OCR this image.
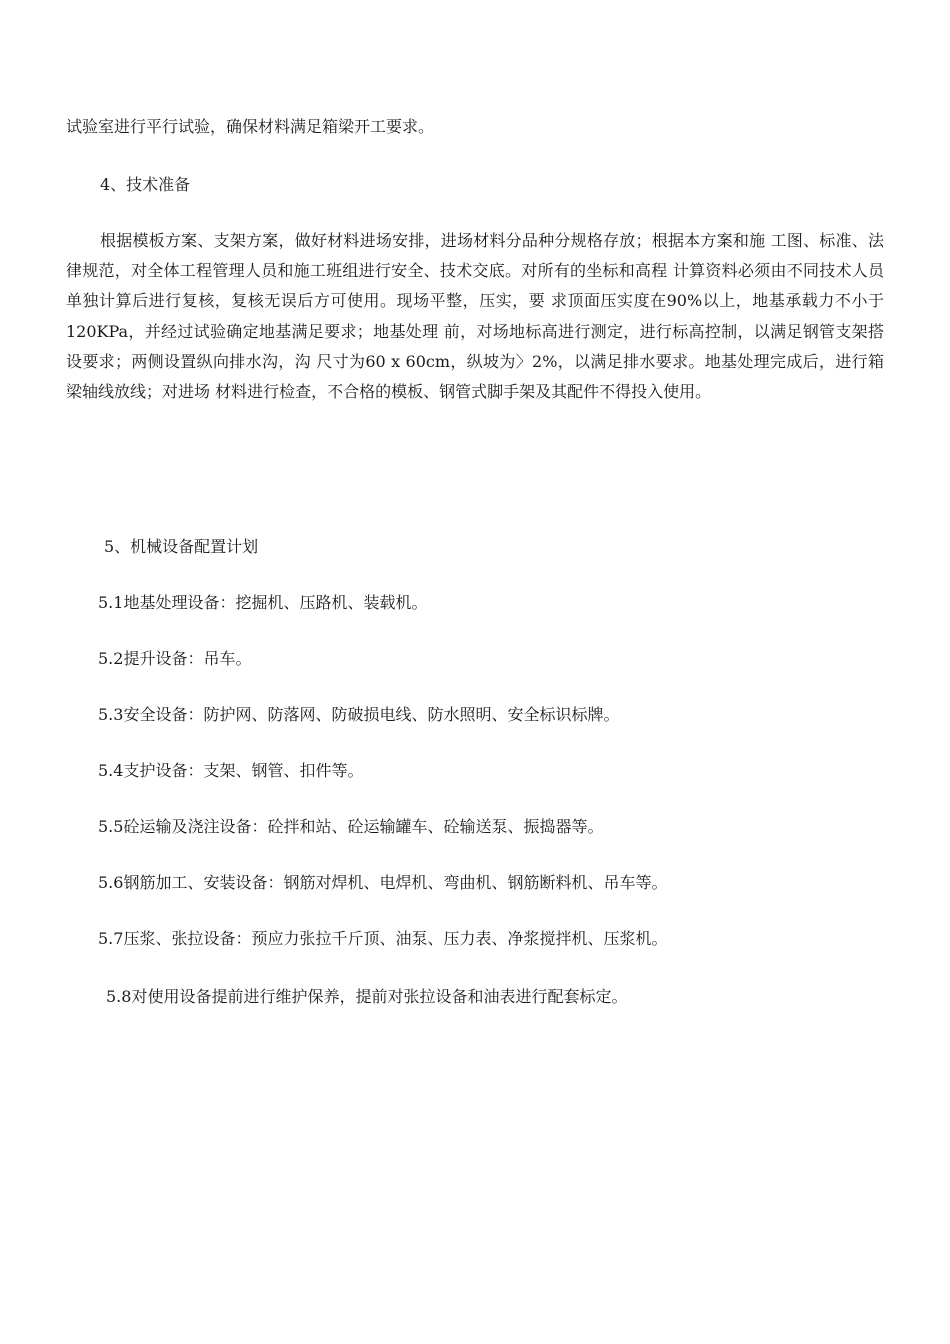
试验室进行平行试验，确保材料满足箱梁开工要求。
4、技术准备
根据模板方案、支架方案，做好材料进场安排，进场材料分品种分规格存放；根据本方案和施 工图、标准、法律规范，对全体工程管理人员和施工班组进行安全、技术交底。对所有的坐标和高程 计算资料必须由不同技术人员单独计算后进行复核，复核无误后方可使用。现场平整，压实，要 求顶面压实度在90%以上，地基承载力不小于120KPa，并经过试验确定地基满足要求；地基处理 前，对场地标高进行测定，进行标高控制，以满足钢管支架搭设要求；两侧设置纵向排水沟，沟 尺寸为60 x 60cm，纵坡为〉2%，以满足排水要求。地基处理完成后，进行箱梁轴线放线；对进场 材料进行检查，不合格的模板、钢管式脚手架及其配件不得投入使用。
5、机械设备配置计划
5.1地基处理设备：挖掘机、压路机、装载机。
5.2提升设备：吊车。
5.3安全设备：防护网、防落网、防破损电线、防水照明、安全标识标牌。
5.4支护设备：支架、钢管、扣件等。
5.5砼运输及浇注设备：砼拌和站、砼运输罐车、砼输送泵、振捣器等。
5.6钢筋加工、安装设备：钢筋对焊机、电焊机、弯曲机、钢筋断料机、吊车等。
5.7压浆、张拉设备：预应力张拉千斤顶、油泵、压力表、净浆搅拌机、压浆机。
5.8对使用设备提前进行维护保养，提前对张拉设备和油表进行配套标定。
